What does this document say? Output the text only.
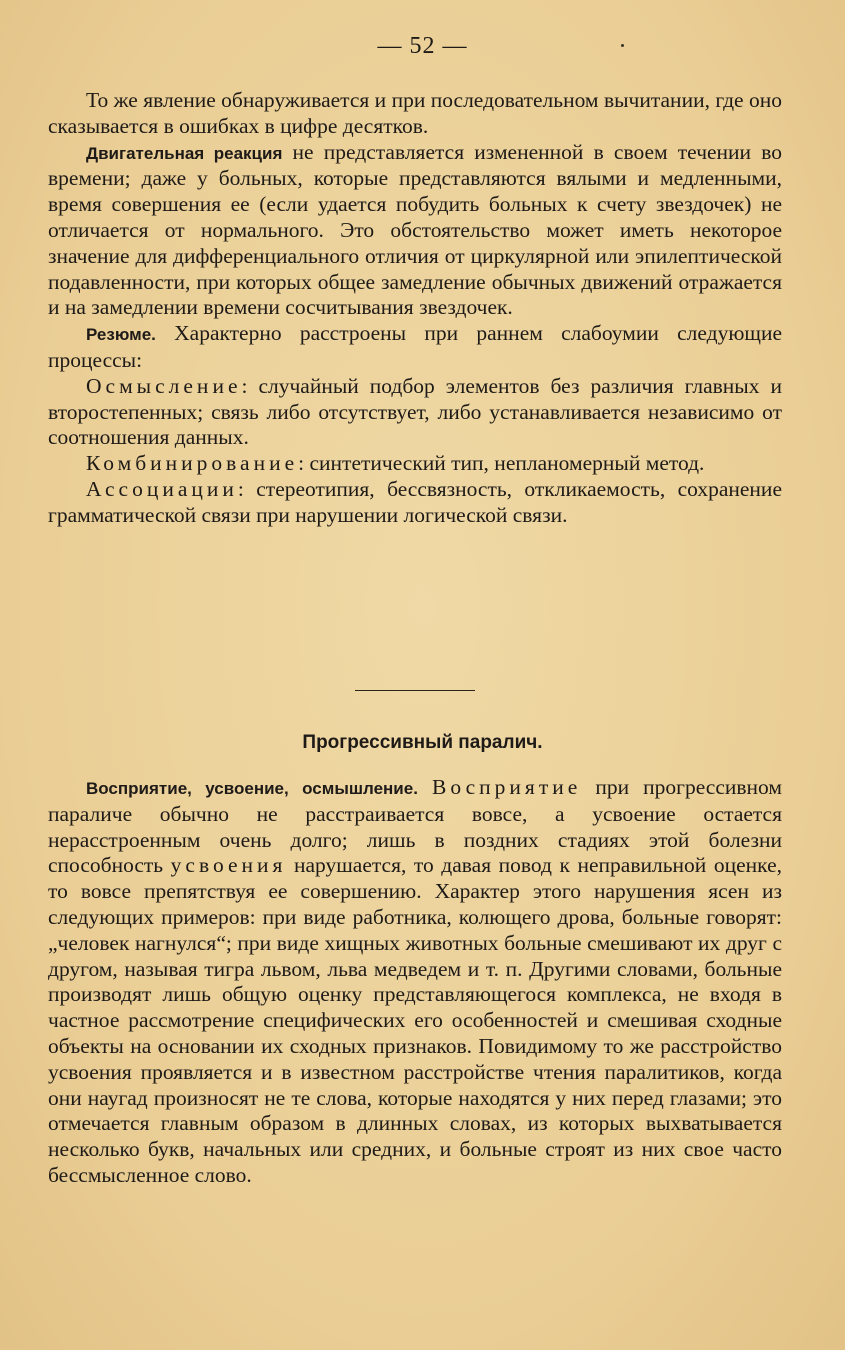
— 52 —

То же явление обнаруживается и при последовательном вычитании, где оно сказывается в ошибках в цифре десятков.

Двигательная реакция не представляется измененной в своем течении во времени; даже у больных, которые представляются вялыми и медленными, время совершения ее (если удается побудить больных к счету звездочек) не отличается от нормального. Это обстоятельство может иметь некоторое значение для дифференциального отличия от циркулярной или эпилептической подавленности, при которых общее замедление обычных движений отражается и на замедлении времени сосчитывания звездочек.

Резюме. Характерно расстроены при раннем слабоумии следующие процессы:

Осмысление: случайный подбор элементов без различия главных и второстепенных; связь либо отсутствует, либо устанавливается независимо от соотношения данных.

Комбинирование: синтетический тип, непланомерный метод.

Ассоциации: стереотипия, бессвязность, откликаемость, сохранение грамматической связи при нарушении логической связи.

Прогрессивный паралич.

Восприятие, усвоение, осмышление. Восприятие при прогрессивном параличе обычно не расстраивается вовсе, а усвоение остается нерасстроенным очень долго; лишь в поздних стадиях этой болезни способность усвоения нарушается, то давая повод к неправильной оценке, то вовсе препятствуя ее совершению. Характер этого нарушения ясен из следующих примеров: при виде работника, колющего дрова, больные говорят: „человек нагнулся“; при виде хищных животных больные смешивают их друг с другом, называя тигра львом, льва медведем и т. п. Другими словами, больные производят лишь общую оценку представляющегося комплекса, не входя в частное рассмотрение специфических его особенностей и смешивая сходные объекты на основании их сходных признаков. Повидимому то же расстройство усвоения проявляется и в известном расстройстве чтения паралитиков, когда они наугад произносят не те слова, которые находятся у них перед глазами; это отмечается главным образом в длинных словах, из которых выхватывается несколько букв, начальных или средних, и больные строят из них свое часто бессмысленное слово.
